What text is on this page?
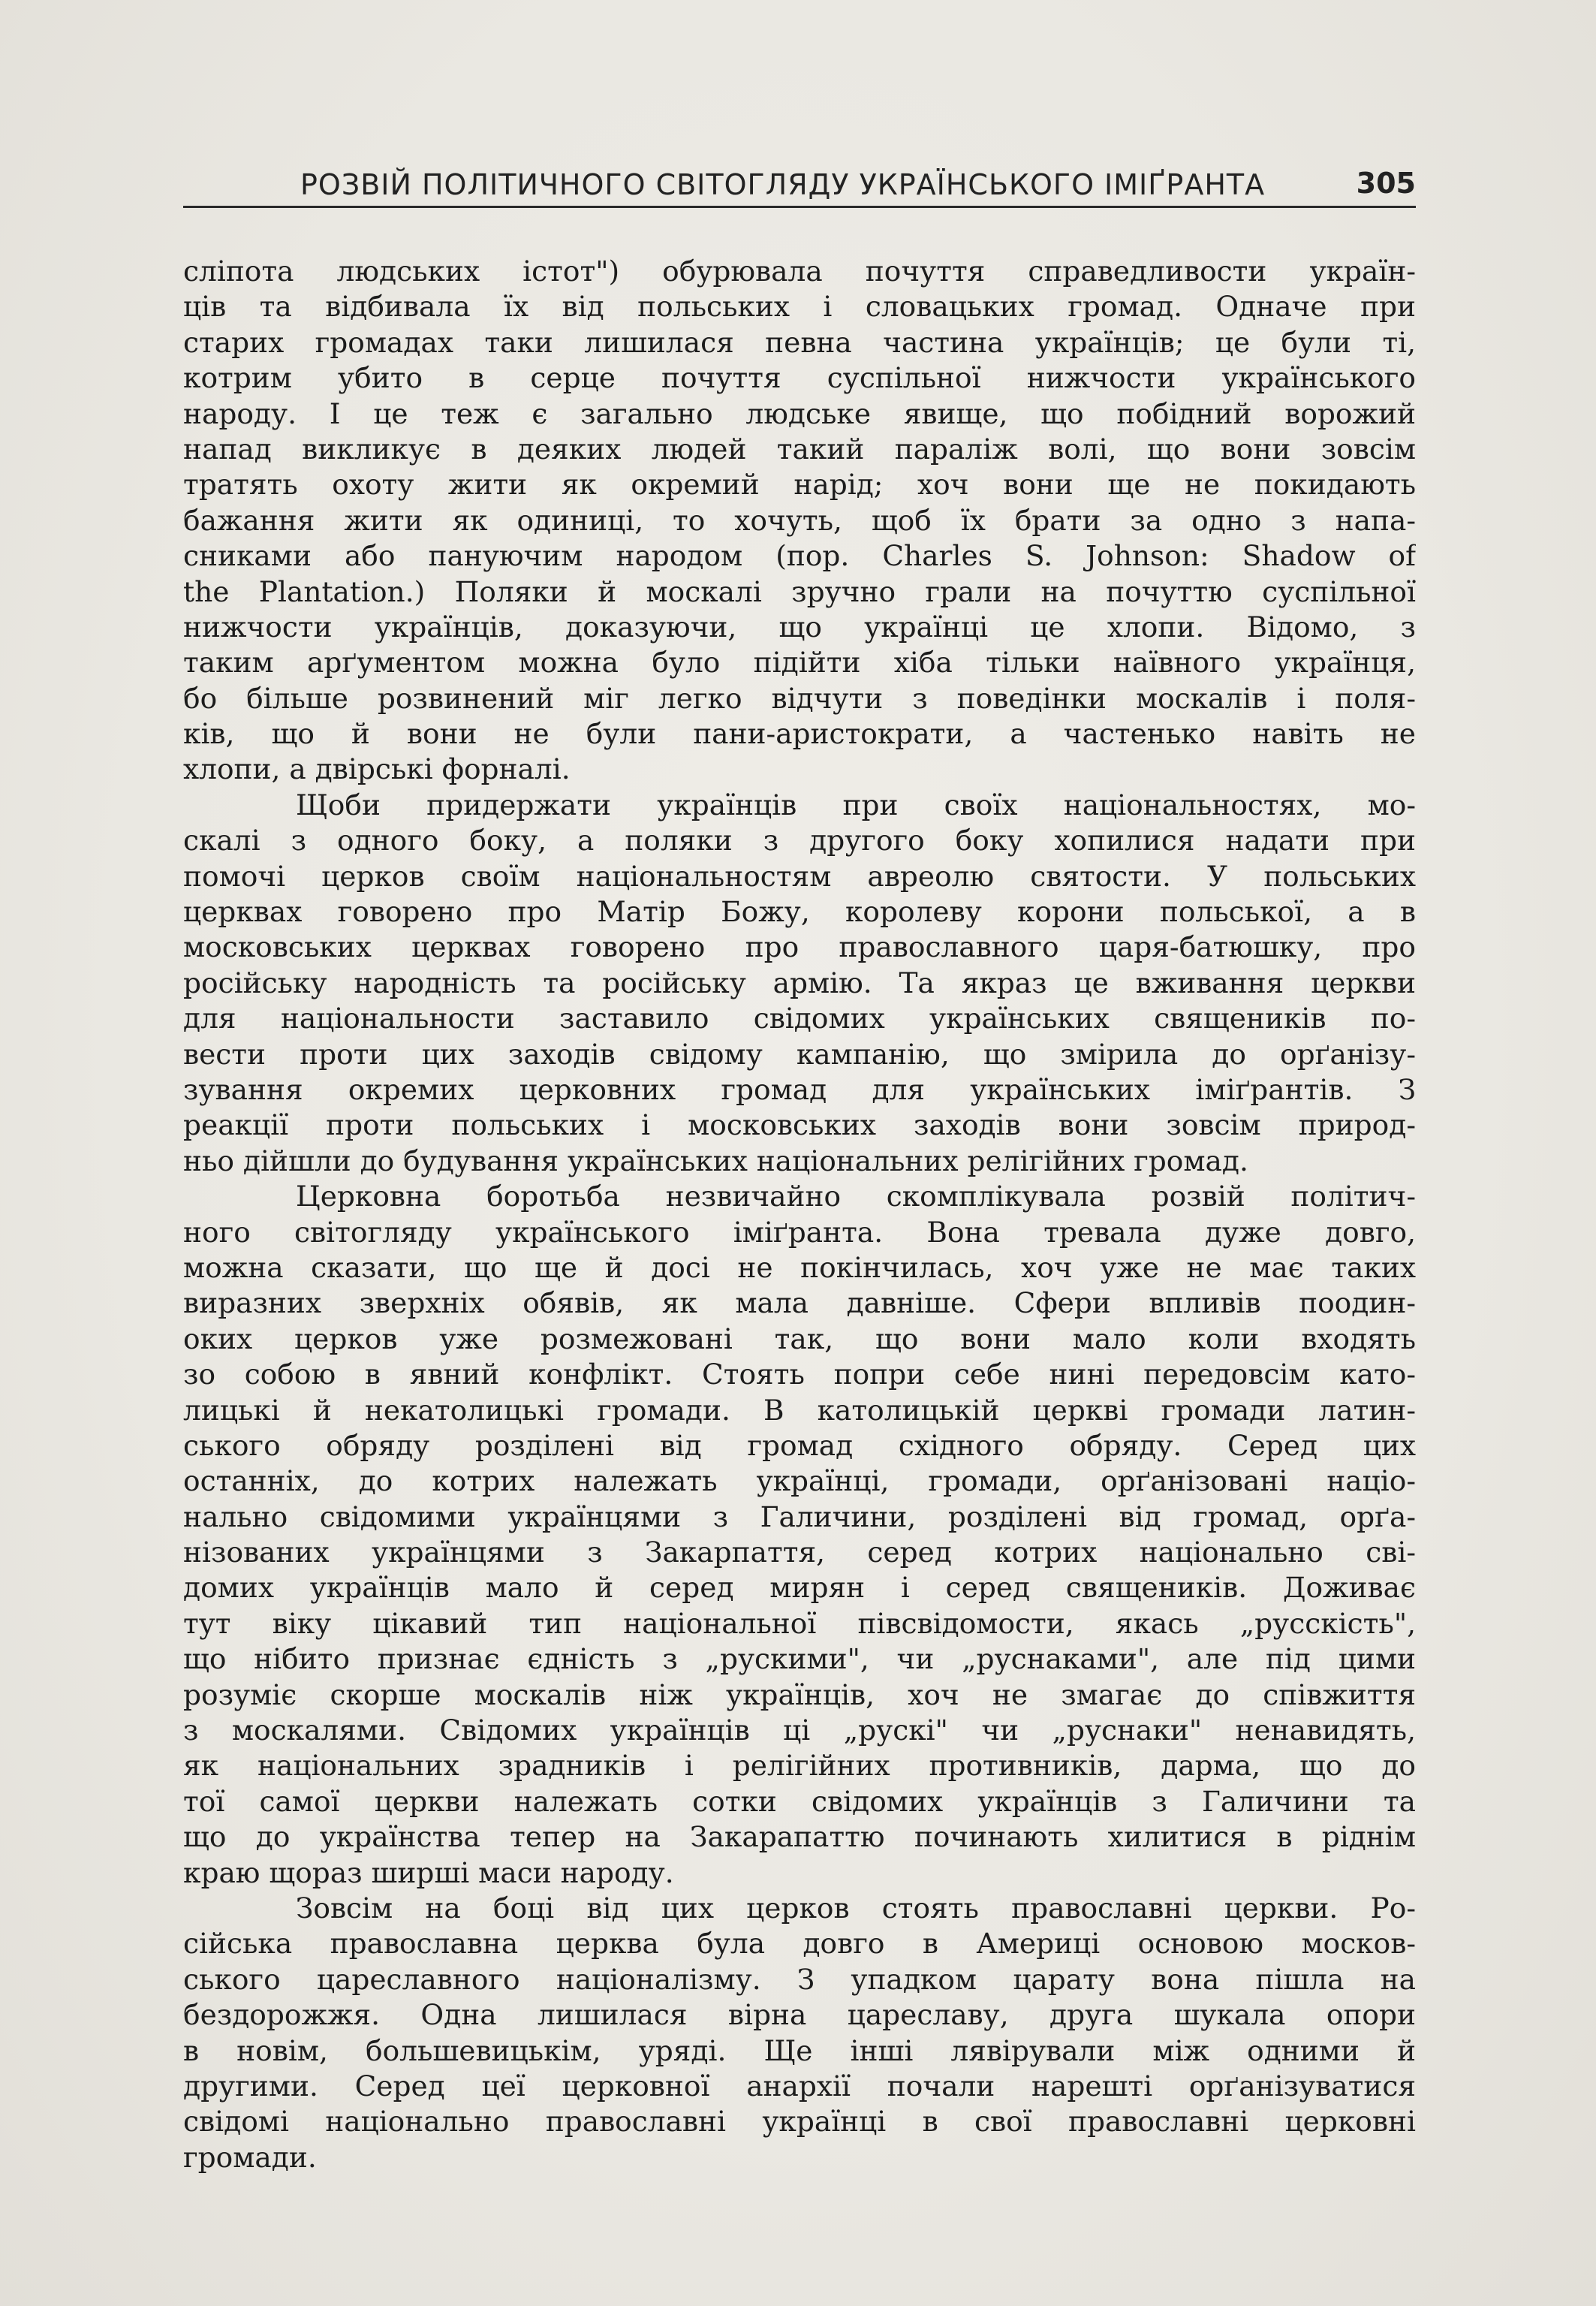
РОЗВІЙ ПОЛІТИЧНОГО СВІТОГЛЯДУ УКРАЇНСЬКОГО ІМІҐРАНТА	305
сліпота людських істот") обурювала почуття справедливости україн-
ців та відбивала їх від польських і словацьких громад. Одначе при
старих громадах таки лишилася певна частина українців; це були ті,
котрим убито в серце почуття суспільної нижчости українського
народу. І це теж є загально людське явище, що побідний ворожий
напад викликує в деяких людей такий параліж волі, що вони зовсім
тратять охоту жити як окремий нарід; хоч вони ще не покидають
бажання жити як одиниці, то хочуть, щоб їх брати за одно з напа-
сниками або пануючим народом (пор. Charles S. Johnson: Shadow of
the Plantation.) Поляки й москалі зручно грали на почуттю суспільної
нижчости українців, доказуючи, що українці це хлопи. Відомо, з
таким арґументом можна було підійти хіба тільки наївного українця,
бо більше розвинений міг легко відчути з поведінки москалів і поля-
ків, що й вони не були пани-аристократи, а частенько навіть не
хлопи, а двірські форналі.
Щоби придержати українців при своїх національностях, мо-
скалі з одного боку, а поляки з другого боку хопилися надати при
помочі церков своїм національностям авреолю святости. У польських
церквах говорено про Матір Божу, королеву корони польської, а в
московських церквах говорено про православного царя-батюшку, про
російську народність та російську армію. Та якраз це вживання церкви
для національности заставило свідомих українських священиків по-
вести проти цих заходів свідому кампанію, що змірила до орґанізу-
зування окремих церковних громад для українських іміґрантів. З
реакції проти польських і московських заходів вони зовсім природ-
ньо дійшли до будування українських національних релігійних громад.
Церковна боротьба незвичайно скомплікувала розвій політич-
ного світогляду українського іміґранта. Вона тревала дуже довго,
можна сказати, що ще й досі не покінчилась, хоч уже не має таких
виразних зверхніх обявів, як мала давніше. Сфери впливів поодин-
оких церков уже розмежовані так, що вони мало коли входять
зо собою в явний конфлікт. Стоять попри себе нині передовсім като-
лицькі й некатолицькі громади. В католицькій церкві громади латин-
ського обряду розділені від громад східного обряду. Серед цих
останніх, до котрих належать українці, громади, орґанізовані націо-
нально свідомими українцями з Галичини, розділені від громад, орґа-
нізованих українцями з Закарпаття, серед котрих національно сві-
домих українців мало й серед мирян і серед священиків. Доживає
тут віку цікавий тип національної півсвідомости, якась „русскість",
що нібито признає єдність з „рускими", чи „руснаками", але під цими
розуміє скорше москалів ніж українців, хоч не змагає до співжиття
з москалями. Свідомих українців ці „рускі" чи „руснаки" ненавидять,
як національних зрадників і релігійних противників, дарма, що до
тої самої церкви належать сотки свідомих українців з Галичини та
що до українства тепер на Закарапаттю починають хилитися в ріднім
краю щораз ширші маси народу.
Зовсім на боці від цих церков стоять православні церкви. Ро-
сійська православна церква була довго в Америці основою москов-
ського цареславного націоналізму. З упадком царату вона пішла на
бездорожжя. Одна лишилася вірна цареславу, друга шукала опори
в новім, большевицькім, уряді. Ще інші лявірували між одними й
другими. Серед цеї церковної анархії почали нарешті орґанізуватися
свідомі національно православні українці в свої православні церковні
громади.
